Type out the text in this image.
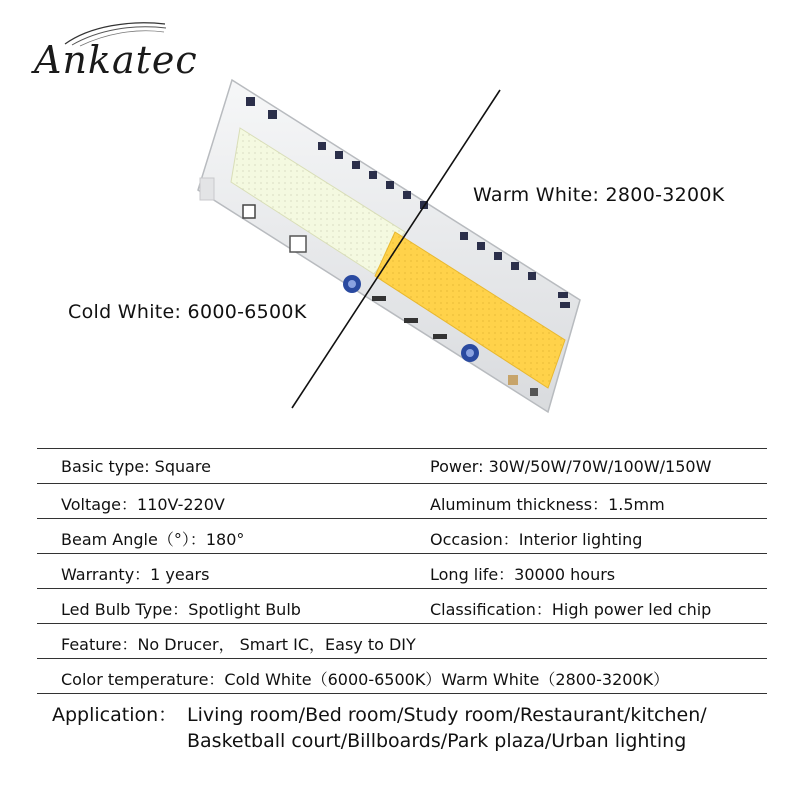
Ankatec
Warm White: 2800-3200K
Cold White: 6000-6500K
Basic type: Square	Power: 30W/50W/70W/100W/150W
Voltage：110V-220V	Aluminum thickness：1.5mm
Beam Angle（°）：180°	Occasion：Interior lighting
Warranty：1 years	Long life：30000 hours
Led Bulb Type：Spotlight Bulb	Classification：High power led chip
Feature：No Drucer， Smart IC，Easy to DIY
Color temperature：Cold White（6000-6500K）Warm White（2800-3200K）
Application： Living room/Bed room/Study room/Restaurant/kitchen/
Basketball court/Billboards/Park plaza/Urban lighting
